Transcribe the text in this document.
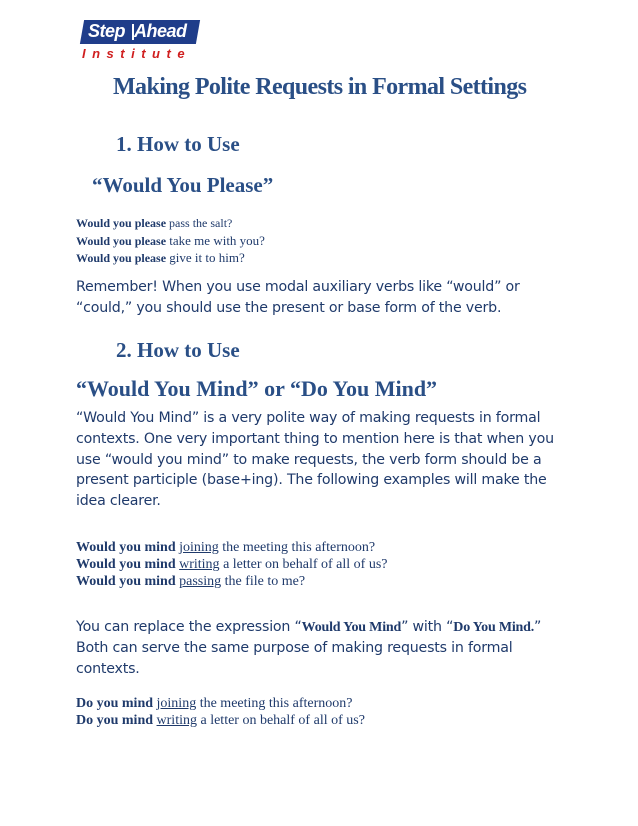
Step Ahead
Institute
Making Polite Requests in Formal Settings
1. How to Use
“Would You Please”
Would you please pass the salt?
Would you please take me with you?
Would you please give it to him?
Remember! When you use modal auxiliary verbs like “would” or
“could,” you should use the present or base form of the verb.
2. How to Use
“Would You Mind” or “Do You Mind”
“Would You Mind” is a very polite way of making requests in formal
contexts. One very important thing to mention here is that when you
use “would you mind” to make requests, the verb form should be a
present participle (base+ing). The following examples will make the
idea clearer.
Would you mind joining the meeting this afternoon?
Would you mind writing a letter on behalf of all of us?
Would you mind passing the file to me?
You can replace the expression “Would You Mind” with “Do You Mind.”
Both can serve the same purpose of making requests in formal
contexts.
Do you mind joining the meeting this afternoon?
Do you mind writing a letter on behalf of all of us?
